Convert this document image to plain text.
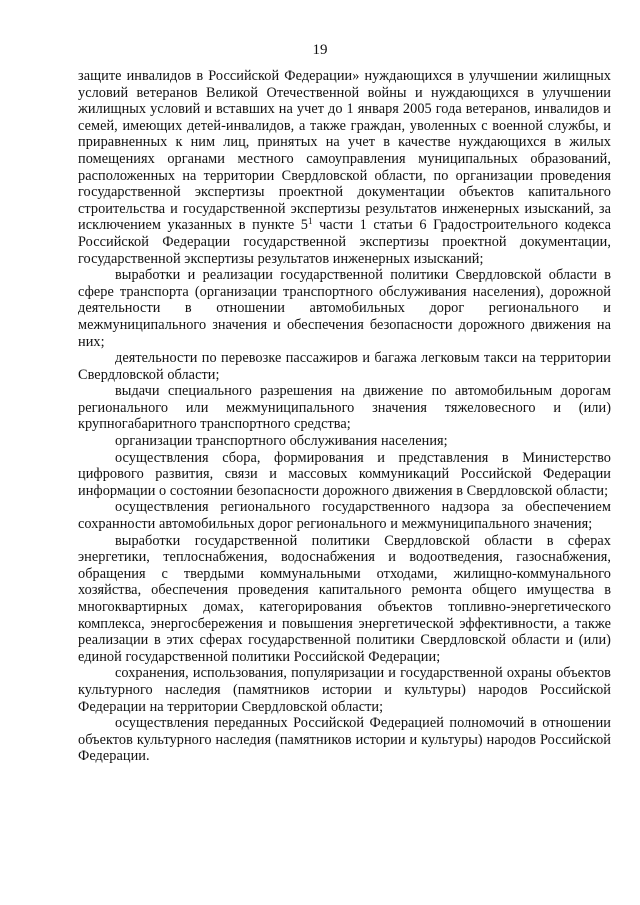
19

защите инвалидов в Российской Федерации» нуждающихся в улучшении жилищных условий ветеранов Великой Отечественной войны и нуждающихся в улучшении жилищных условий и вставших на учет до 1 января 2005 года ветеранов, инвалидов и семей, имеющих детей-инвалидов, а также граждан, уволенных с военной службы, и приравненных к ним лиц, принятых на учет в качестве нуждающихся в жилых помещениях органами местного самоуправления муниципальных образований, расположенных на территории Свердловской области, по организации проведения государственной экспертизы проектной документации объектов капитального строительства и государственной экспертизы результатов инженерных изысканий, за исключением указанных в пункте $5^1$ части 1 статьи 6 Градостроительного кодекса Российской Федерации государственной экспертизы проектной документации, государственной экспертизы результатов инженерных изысканий;

выработки и реализации государственной политики Свердловской области в сфере транспорта (организации транспортного обслуживания населения), дорожной деятельности в отношении автомобильных дорог регионального и межмуниципального значения и обеспечения безопасности дорожного движения на них;

деятельности по перевозке пассажиров и багажа легковым такси на территории Свердловской области;

выдачи специального разрешения на движение по автомобильным дорогам регионального или межмуниципального значения тяжеловесного и (или) крупногабаритного транспортного средства;

организации транспортного обслуживания населения;

осуществления сбора, формирования и представления в Министерство цифрового развития, связи и массовых коммуникаций Российской Федерации информации о состоянии безопасности дорожного движения в Свердловской области;

осуществления регионального государственного надзора за обеспечением сохранности автомобильных дорог регионального и межмуниципального значения;

выработки государственной политики Свердловской области в сферах энергетики, теплоснабжения, водоснабжения и водоотведения, газоснабжения, обращения с твердыми коммунальными отходами, жилищно-коммунального хозяйства, обеспечения проведения капитального ремонта общего имущества в многоквартирных домах, категорирования объектов топливно-энергетического комплекса, энергосбережения и повышения энергетической эффективности, а также реализации в этих сферах государственной политики Свердловской области и (или) единой государственной политики Российской Федерации;

сохранения, использования, популяризации и государственной охраны объектов культурного наследия (памятников истории и культуры) народов Российской Федерации на территории Свердловской области;

осуществления переданных Российской Федерацией полномочий в отношении объектов культурного наследия (памятников истории и культуры) народов Российской Федерации.
